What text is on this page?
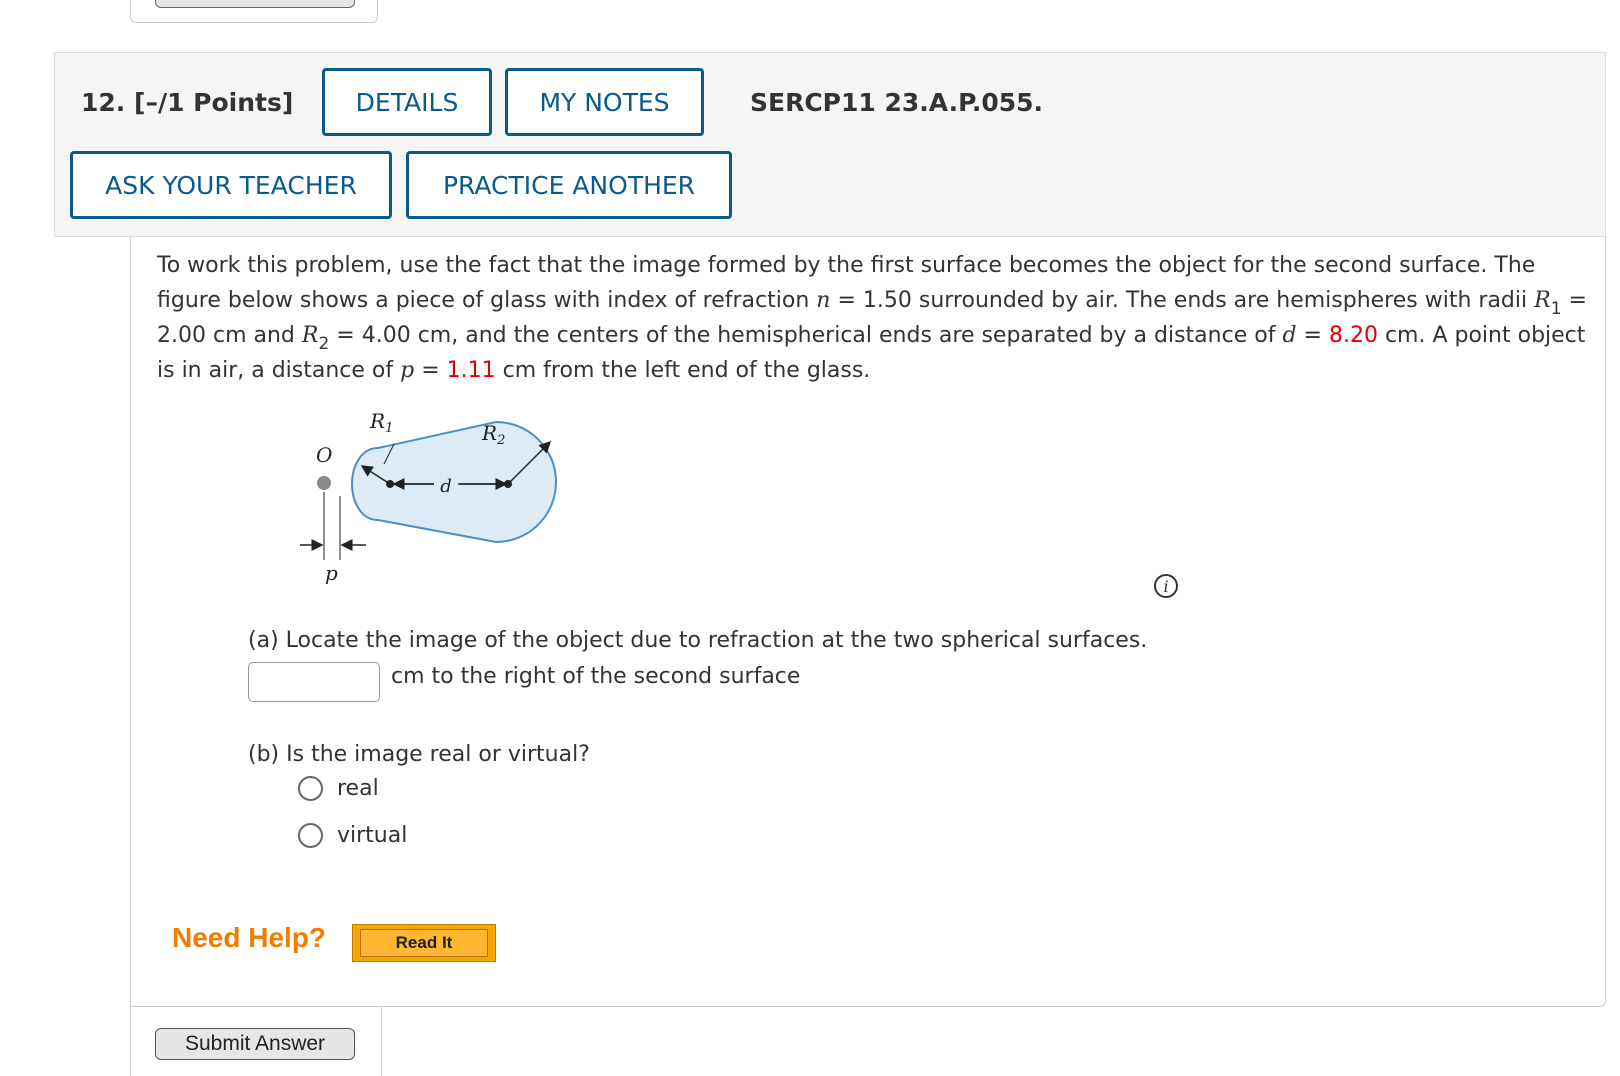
12. [–/1 Points]	DETAILS	MY NOTES	SERCP11 23.A.P.055.
ASK YOUR TEACHER	PRACTICE ANOTHER
To work this problem, use the fact that the image formed by the first surface becomes the object for the second surface. The figure below shows a piece of glass with index of refraction n = 1.50 surrounded by air. The ends are hemispheres with radii $R_1 = 2.00$ cm and $R_2 = 4.00$ cm, and the centers of the hemispherical ends are separated by a distance of d = 8.20 cm. A point object is in air, a distance of p = 1.11 cm from the left end of the glass.
d
$R_1$	$R_2$
O
p
i
(a) Locate the image of the object due to refraction at the two spherical surfaces.
cm to the right of the second surface
(b) Is the image real or virtual?
real
virtual
Need Help?	Read It
Submit Answer
